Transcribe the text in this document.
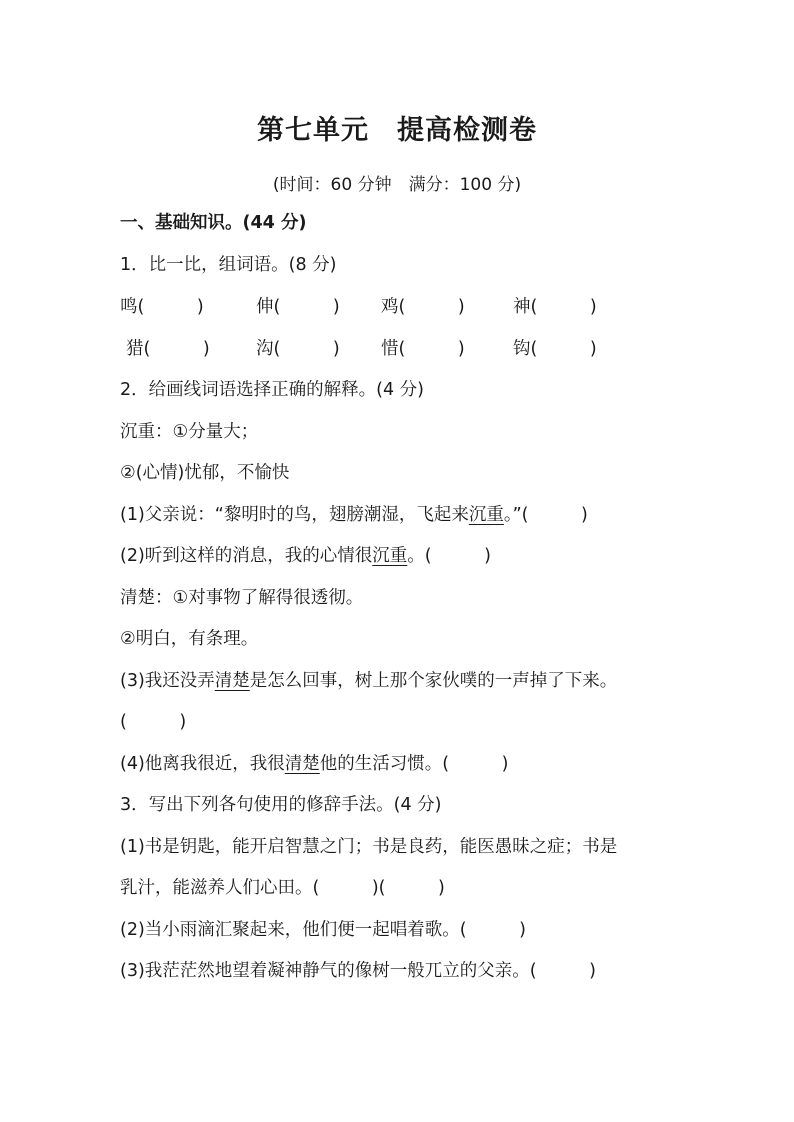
第七单元　提高检测卷
(时间：60 分钟　满分：100 分)
一、基础知识。(44 分)
1．比一比，组词语。(8 分)
鸣(　　　)	伸(　　　) 鸡(　　　)	神(　　　)
猎(　　　)	沟(　　　) 惜(　　　)	钩(　　　)
2．给画线词语选择正确的解释。(4 分)
沉重：①分量大；
②(心情)忧郁，不愉快
(1)父亲说：“黎明时的鸟，翅膀潮湿，飞起来沉重。”(　　　)
(2)听到这样的消息，我的心情很沉重。(　　　)
清楚：①对事物了解得很透彻。
②明白，有条理。
(3)我还没弄清楚是怎么回事，树上那个家伙噗的一声掉了下来。
(　　　)
(4)他离我很近，我很清楚他的生活习惯。(　　　)
3．写出下列各句使用的修辞手法。(4 分)
(1)书是钥匙，能开启智慧之门；书是良药，能医愚昧之症；书是
乳汁，能滋养人们心田。(　　　)(　　　)
(2)当小雨滴汇聚起来，他们便一起唱着歌。(　　　)
(3)我茫茫然地望着凝神静气的像树一般兀立的父亲。(　　　)
